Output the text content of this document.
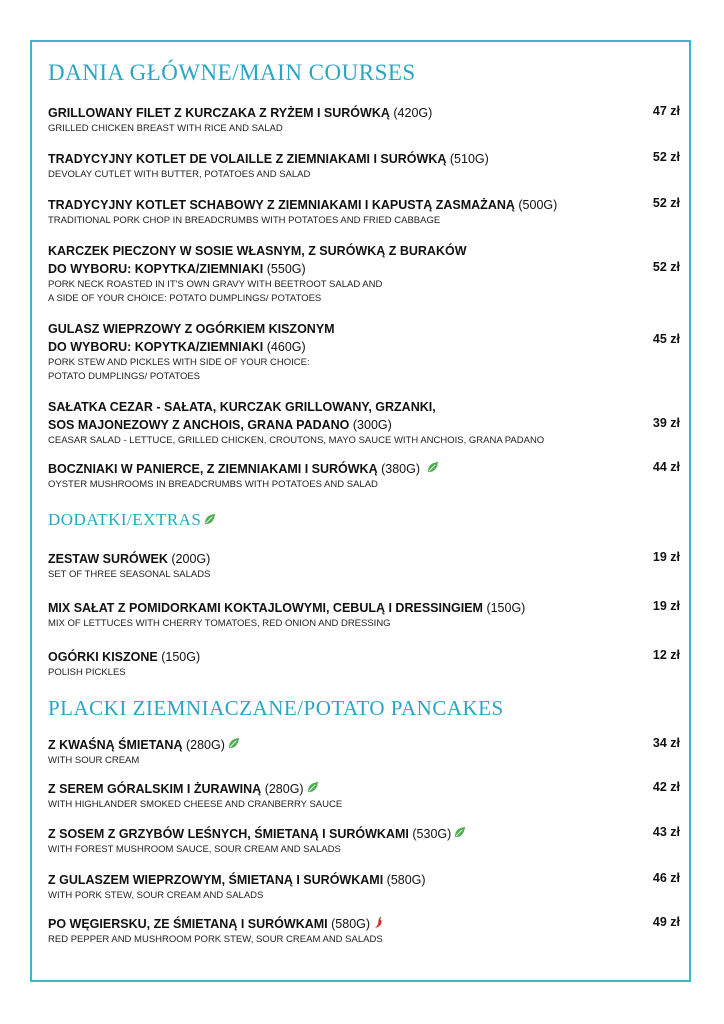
DANIA GŁÓWNE/MAIN COURSES
GRILLOWANY FILET Z KURCZAKA Z RYŻEM I SURÓWKĄ (420G)
GRILLED CHICKEN BREAST WITH RICE AND SALAD
47 zł
TRADYCYJNY KOTLET DE VOLAILLE Z ZIEMNIAKAMI I SURÓWKĄ (510G)
DEVOLAY CUTLET WITH BUTTER, POTATOES AND SALAD
52 zł
TRADYCYJNY KOTLET SCHABOWY Z ZIEMNIAKAMI I KAPUSTĄ ZASMAŻANĄ (500G)
TRADITIONAL PORK CHOP IN BREADCRUMBS WITH POTATOES AND FRIED CABBAGE
52 zł
KARCZEK PIECZONY W SOSIE WŁASNYM, Z SURÓWKĄ Z BURAKÓW
DO WYBORU: KOPYTKA/ZIEMNIAKI (550G)
PORK NECK ROASTED IN IT'S OWN GRAVY WITH BEETROOT SALAD AND
A SIDE OF YOUR CHOICE: POTATO DUMPLINGS/ POTATOES
52 zł
GULASZ WIEPRZOWY Z OGÓRKIEM KISZONYM
DO WYBORU: KOPYTKA/ZIEMNIAKI (460G)
PORK STEW AND PICKLES WITH SIDE OF YOUR CHOICE:
POTATO DUMPLINGS/ POTATOES
45 zł
SAŁATKA CEZAR - SAŁATA, KURCZAK GRILLOWANY, GRZANKI,
SOS MAJONEZOWY Z ANCHOIS, GRANA PADANO (300G)
CEASAR SALAD - LETTUCE, GRILLED CHICKEN, CROUTONS, MAYO SAUCE WITH ANCHOIS, GRANA PADANO
39 zł
BOCZNIAKI W PANIERCE, Z ZIEMNIAKAMI I SURÓWKĄ (380G)
OYSTER MUSHROOMS IN BREADCRUMBS WITH POTATOES AND SALAD
44 zł
DODATKI/EXTRAS
ZESTAW SURÓWEK (200G)
SET OF THREE SEASONAL SALADS
19 zł
MIX SAŁAT Z POMIDORKAMI KOKTAJLOWYMI, CEBULĄ I DRESSINGIEM (150G)
MIX OF LETTUCES WITH CHERRY TOMATOES, RED ONION AND DRESSING
19 zł
OGÓRKI KISZONE (150G)
POLISH PICKLES
12 zł
PLACKI ZIEMNIACZANE/POTATO PANCAKES
Z KWAŚNĄ ŚMIETANĄ (280G)
WITH SOUR CREAM
34 zł
Z SEREM GÓRALSKIM I ŻURAWINĄ (280G)
WITH HIGHLANDER SMOKED CHEESE AND CRANBERRY SAUCE
42 zł
Z SOSEM Z GRZYBÓW LEŚNYCH, ŚMIETANĄ I SURÓWKAMI (530G)
WITH FOREST MUSHROOM SAUCE, SOUR CREAM AND SALADS
43 zł
Z GULASZEM WIEPRZOWYM, ŚMIETANĄ I SURÓWKAMI (580G)
WITH PORK STEW, SOUR CREAM AND SALADS
46 zł
PO WĘGIERSKU, ZE ŚMIETANĄ I SURÓWKAMI (580G)
RED PEPPER AND MUSHROOM PORK STEW, SOUR CREAM AND SALADS
49 zł
